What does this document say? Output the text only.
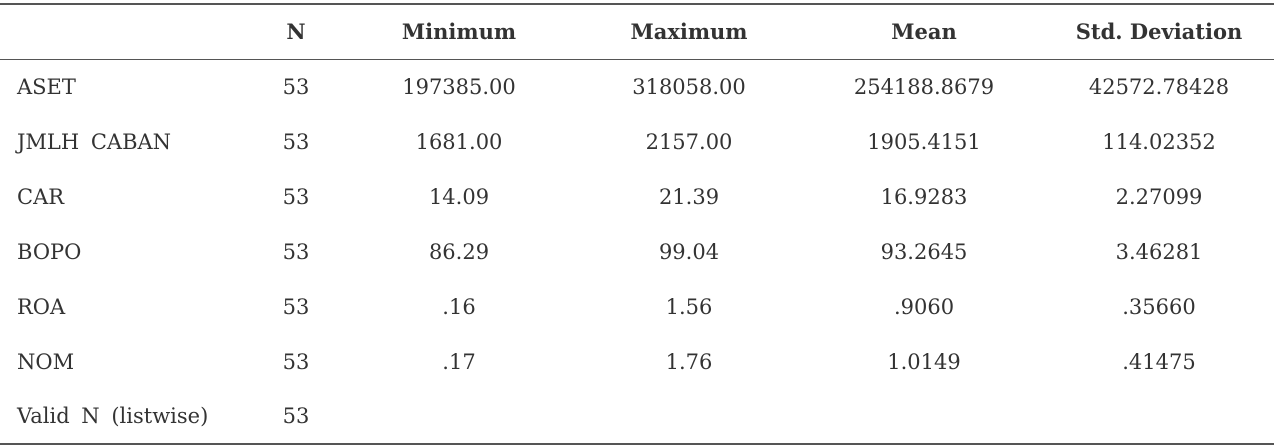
	N	Minimum	Maximum	Mean	Std. Deviation
ASET	53	197385.00	318058.00	254188.8679	42572.78428
JMLH CABAN	53	1681.00	2157.00	1905.4151	114.02352
CAR	53	14.09	21.39	16.9283	2.27099
BOPO	53	86.29	99.04	93.2645	3.46281
ROA	53	.16	1.56	.9060	.35660
NOM	53	.17	1.76	1.0149	.41475
Valid N (listwise)	53				
